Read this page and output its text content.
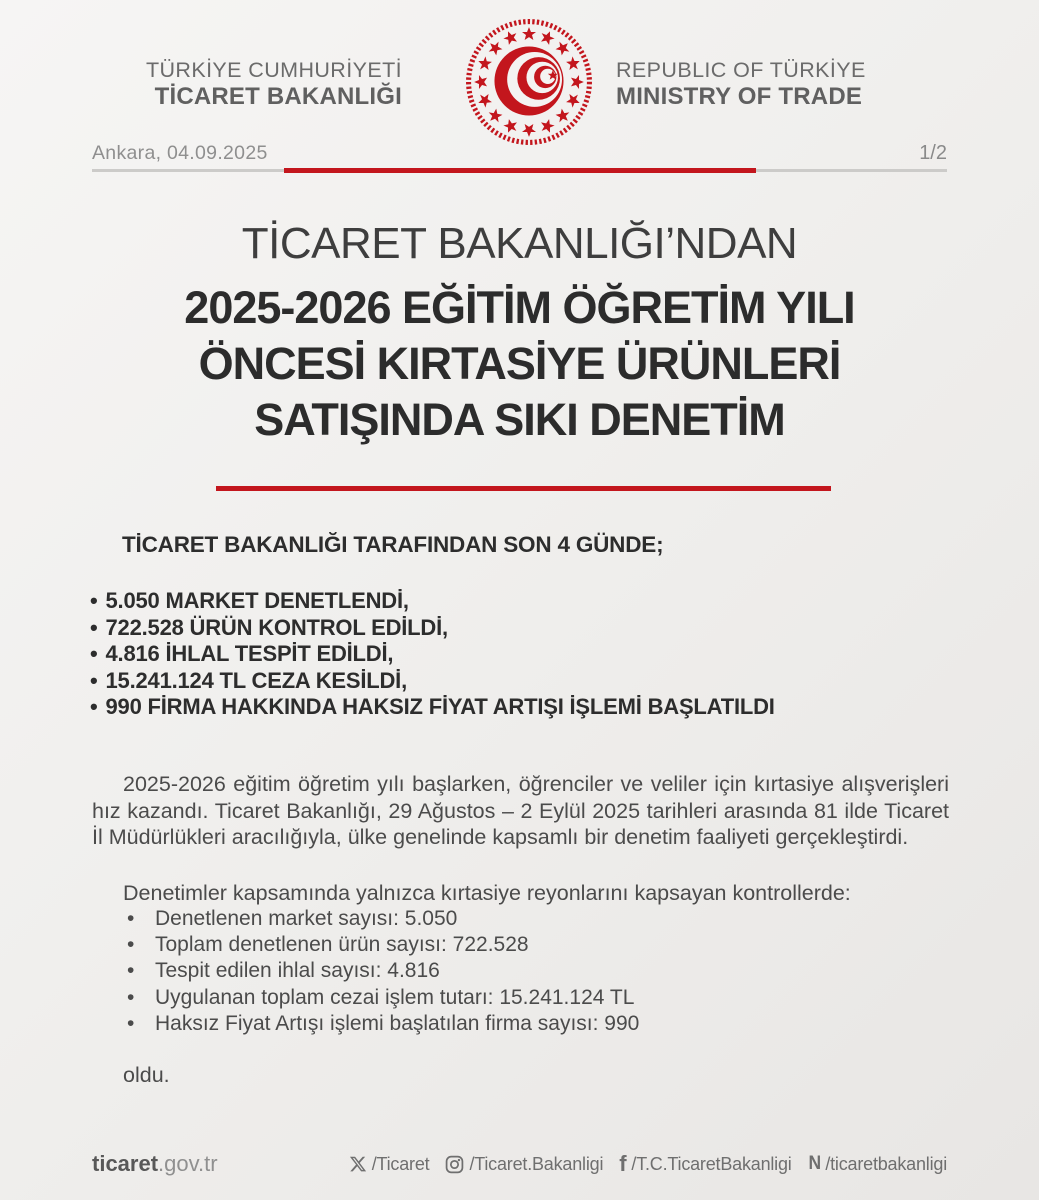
TÜRKİYE CUMHURİYETİ
TİCARET BAKANLIĞI
REPUBLIC OF TÜRKİYE
MINISTRY OF TRADE
Ankara, 04.09.2025	1/2
TİCARET BAKANLIĞI’NDAN
2025-2026 EĞİTİM ÖĞRETİM YILI
ÖNCESİ KIRTASİYE ÜRÜNLERİ
SATIŞINDA SIKI DENETİM
TİCARET BAKANLIĞI TARAFINDAN SON 4 GÜNDE;
• 5.050 MARKET DENETLENDİ,
• 722.528 ÜRÜN KONTROL EDİLDİ,
• 4.816 İHLAL TESPİT EDİLDİ,
• 15.241.124 TL CEZA KESİLDİ,
• 990 FİRMA HAKKINDA HAKSIZ FİYAT ARTIŞI İŞLEMİ BAŞLATILDI

2025-2026 eğitim öğretim yılı başlarken, öğrenciler ve veliler için kırtasiye alışverişleri hız kazandı. Ticaret Bakanlığı, 29 Ağustos – 2 Eylül 2025 tarihleri arasında 81 ilde Ticaret İl Müdürlükleri aracılığıyla, ülke genelinde kapsamlı bir denetim faaliyeti gerçekleştirdi.

Denetimler kapsamında yalnızca kırtasiye reyonlarını kapsayan kontrollerde:

• Denetlenen market sayısı: 5.050
• Toplam denetlenen ürün sayısı: 722.528
• Tespit edilen ihlal sayısı: 4.816
• Uygulanan toplam cezai işlem tutarı: 15.241.124 TL
• Haksız Fiyat Artışı işlemi başlatılan firma sayısı: 990

oldu.

ticaret.gov.tr	/Ticaret /Ticaret.Bakanligi f /T.C.TicaretBakanligi N /ticaretbakanligi
